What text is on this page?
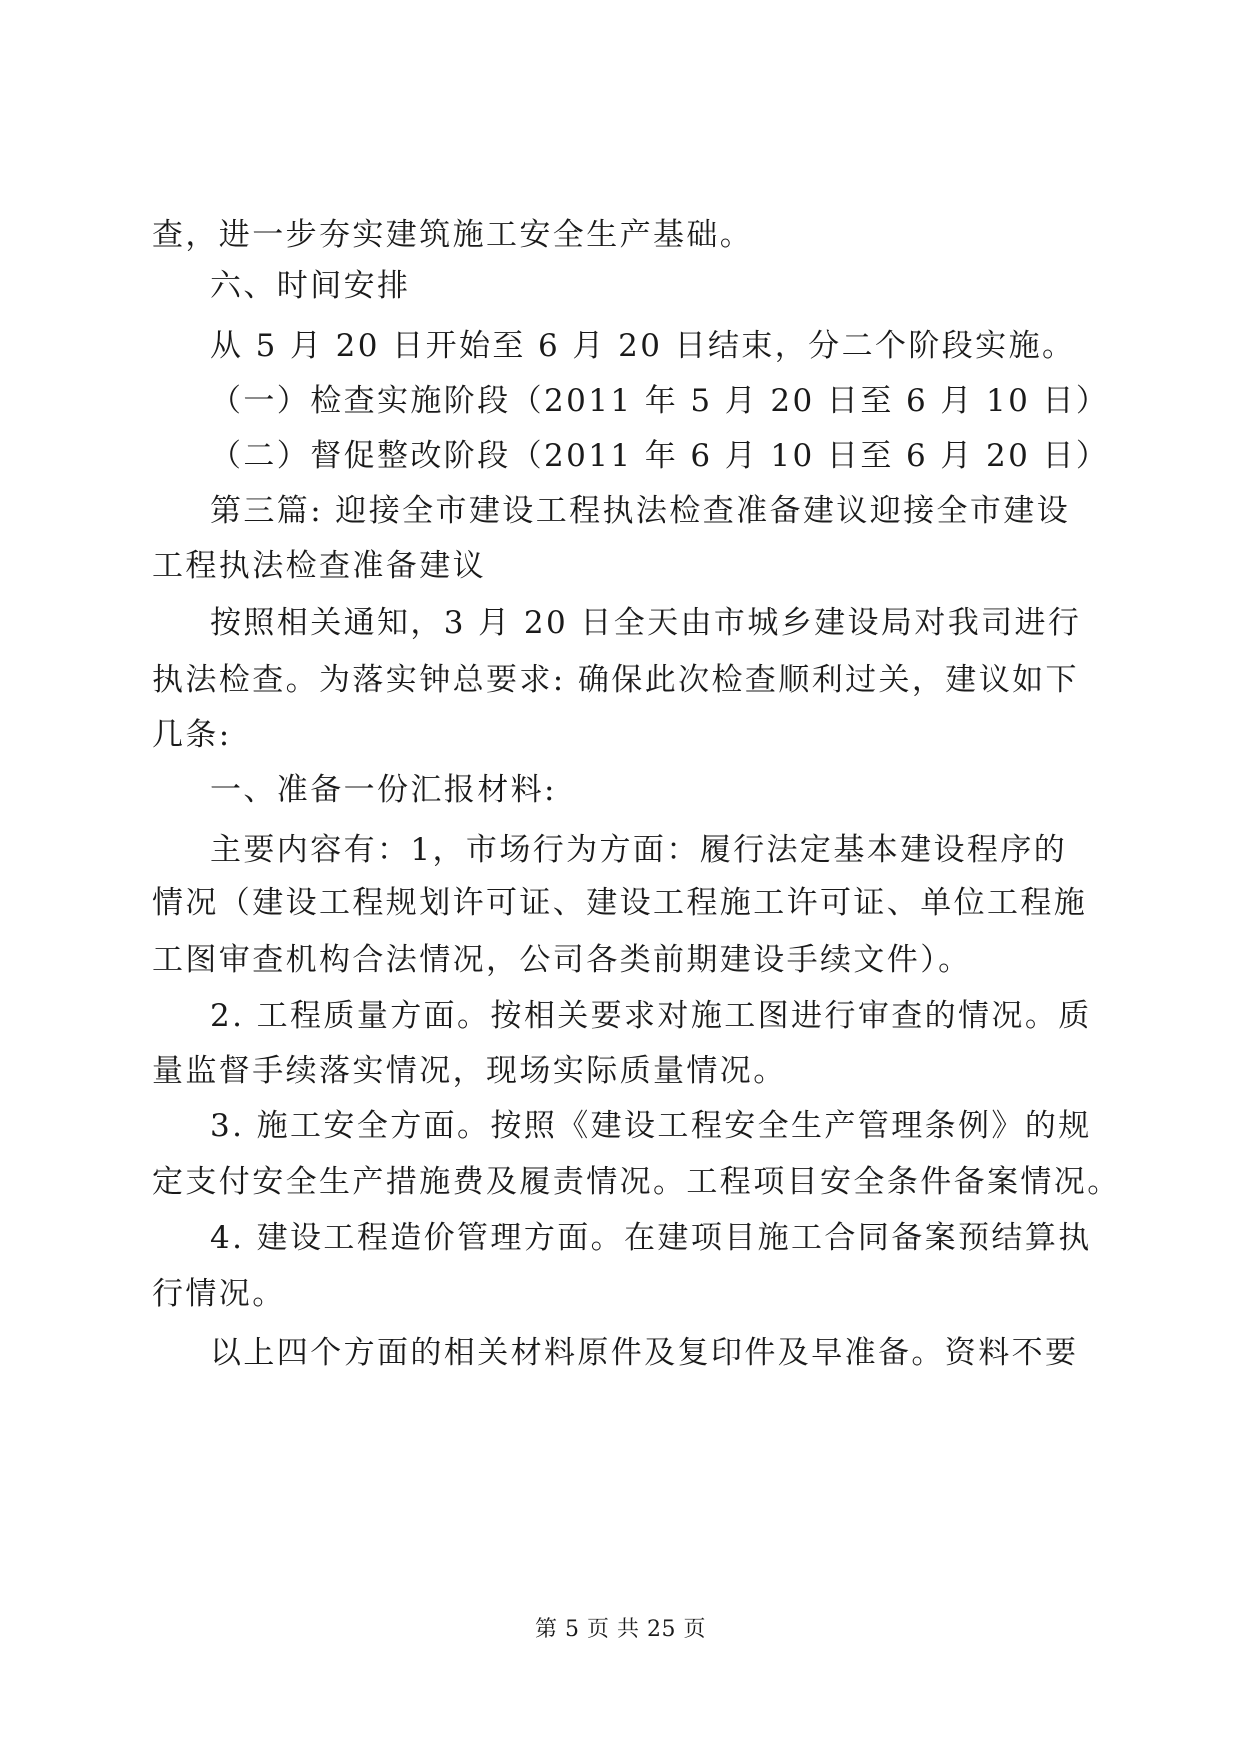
查，进一步夯实建筑施工安全生产基础。
六、时间安排
从 5 月 20 日开始至 6 月 20 日结束，分二个阶段实施。
（一）检查实施阶段（2011 年 5 月 20 日至 6 月 10 日）
（二）督促整改阶段（2011 年 6 月 10 日至 6 月 20 日）
第三篇: 迎接全市建设工程执法检查准备建议迎接全市建设
工程执法检查准备建议
按照相关通知，3 月 20 日全天由市城乡建设局对我司进行
执法检查。为落实钟总要求: 确保此次检查顺利过关，建议如下
几条:
一、准备一份汇报材料:
主要内容有：1，市场行为方面：履行法定基本建设程序的
情况（建设工程规划许可证、建设工程施工许可证、单位工程施
工图审查机构合法情况，公司各类前期建设手续文件）。
2. 工程质量方面。按相关要求对施工图进行审查的情况。质
量监督手续落实情况，现场实际质量情况。
3. 施工安全方面。按照《建设工程安全生产管理条例》的规
定支付安全生产措施费及履责情况。工程项目安全条件备案情况。
4. 建设工程造价管理方面。在建项目施工合同备案预结算执
行情况。
以上四个方面的相关材料原件及复印件及早准备。资料不要
第 5 页 共 25 页
